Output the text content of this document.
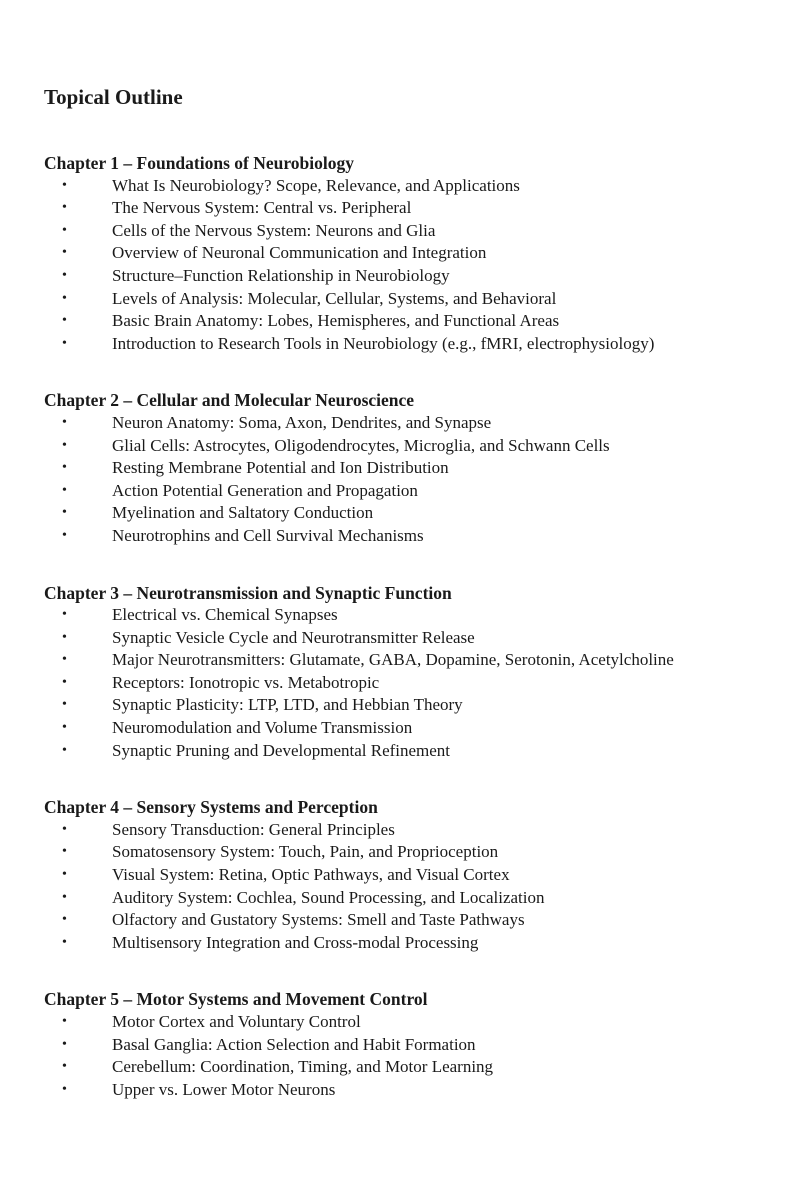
Topical Outline
Chapter 1 – Foundations of Neurobiology
•	What Is Neurobiology? Scope, Relevance, and Applications
•	The Nervous System: Central vs. Peripheral
•	Cells of the Nervous System: Neurons and Glia
•	Overview of Neuronal Communication and Integration
•	Structure–Function Relationship in Neurobiology
•	Levels of Analysis: Molecular, Cellular, Systems, and Behavioral
•	Basic Brain Anatomy: Lobes, Hemispheres, and Functional Areas
•	Introduction to Research Tools in Neurobiology (e.g., fMRI, electrophysiology)
Chapter 2 – Cellular and Molecular Neuroscience
•	Neuron Anatomy: Soma, Axon, Dendrites, and Synapse
•	Glial Cells: Astrocytes, Oligodendrocytes, Microglia, and Schwann Cells
•	Resting Membrane Potential and Ion Distribution
•	Action Potential Generation and Propagation
•	Myelination and Saltatory Conduction
•	Neurotrophins and Cell Survival Mechanisms
Chapter 3 – Neurotransmission and Synaptic Function
•	Electrical vs. Chemical Synapses
•	Synaptic Vesicle Cycle and Neurotransmitter Release
•	Major Neurotransmitters: Glutamate, GABA, Dopamine, Serotonin, Acetylcholine
•	Receptors: Ionotropic vs. Metabotropic
•	Synaptic Plasticity: LTP, LTD, and Hebbian Theory
•	Neuromodulation and Volume Transmission
•	Synaptic Pruning and Developmental Refinement
Chapter 4 – Sensory Systems and Perception
•	Sensory Transduction: General Principles
•	Somatosensory System: Touch, Pain, and Proprioception
•	Visual System: Retina, Optic Pathways, and Visual Cortex
•	Auditory System: Cochlea, Sound Processing, and Localization
•	Olfactory and Gustatory Systems: Smell and Taste Pathways
•	Multisensory Integration and Cross-modal Processing
Chapter 5 – Motor Systems and Movement Control
•	Motor Cortex and Voluntary Control
•	Basal Ganglia: Action Selection and Habit Formation
•	Cerebellum: Coordination, Timing, and Motor Learning
•	Upper vs. Lower Motor Neurons
